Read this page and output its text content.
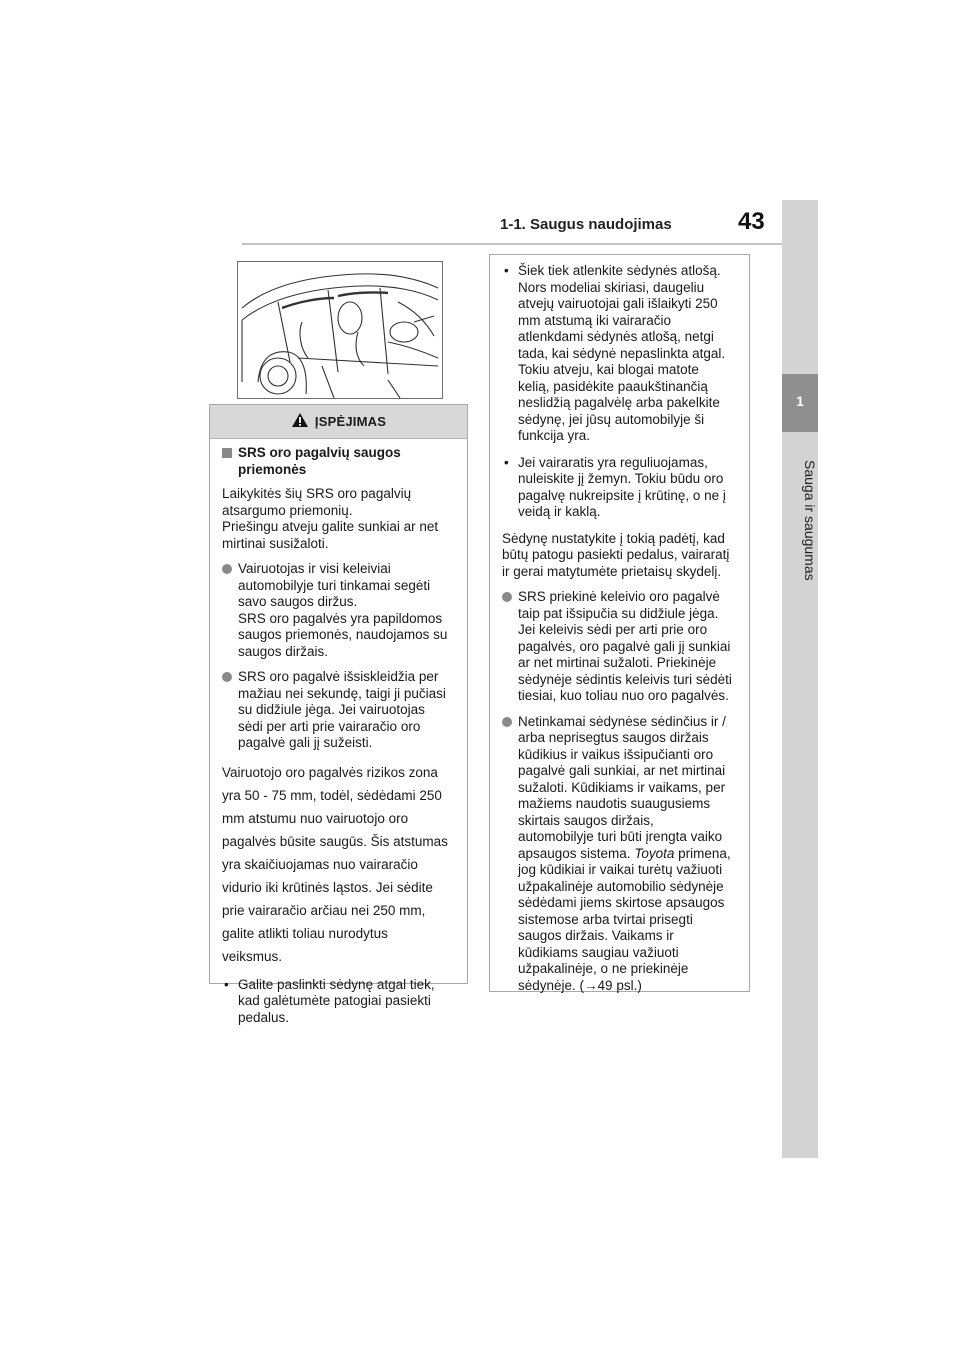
1-1. Saugus naudojimas	43
1
Sauga ir saugumas
ĮSPĖJIMAS
SRS oro pagalvių saugos priemonės
Laikykitės šių SRS oro pagalvių
atsargumo priemonių.
Priešingu atveju galite sunkiai ar net
mirtinai susižaloti.
Vairuotojas ir visi keleiviai
automobilyje turi tinkamai segėti
savo saugos diržus.
SRS oro pagalvės yra papildomos
saugos priemonės, naudojamos su
saugos diržais.
SRS oro pagalvė išsiskleidžia per
mažiau nei sekundę, taigi ji pučiasi
su didžiule jėga. Jei vairuotojas
sėdi per arti prie vairaračio oro
pagalvė gali jį sužeisti.
Vairuotojo oro pagalvės rizikos zona
yra 50 - 75 mm, todėl, sėdėdami 250
mm atstumu nuo vairuotojo oro
pagalvės būsite saugūs. Šis atstumas
yra skaičiuojamas nuo vairaračio
vidurio iki krūtinės ląstos. Jei sėdite
prie vairaračio arčiau nei 250 mm,
galite atlikti toliau nurodytus
veiksmus.
• Galite paslinkti sėdynę atgal tiek,
kad galėtumėte patogiai pasiekti
pedalus.
• Šiek tiek atlenkite sėdynės atlošą.
Nors modeliai skiriasi, daugeliu
atvejų vairuotojai gali išlaikyti 250
mm atstumą iki vairaračio
atlenkdami sėdynės atlošą, netgi
tada, kai sėdynė nepaslinkta atgal.
Tokiu atveju, kai blogai matote
kelią, pasidėkite paaukštinančią
neslidžią pagalvėlę arba pakelkite
sėdynę, jei jūsų automobilyje ši
funkcija yra.
• Jei vairaratis yra reguliuojamas,
nuleiskite jį žemyn. Tokiu būdu oro
pagalvę nukreipsite į krūtinę, o ne į
veidą ir kaklą.
Sėdynę nustatykite į tokią padėtį, kad
būtų patogu pasiekti pedalus, vairaratį
ir gerai matytumėte prietaisų skydelį.
SRS priekinė keleivio oro pagalvė
taip pat išsipučia su didžiule jėga.
Jei keleivis sėdi per arti prie oro
pagalvės, oro pagalvė gali jį sunkiai
ar net mirtinai sužaloti. Priekinėje
sėdynėje sėdintis keleivis turi sėdėti
tiesiai, kuo toliau nuo oro pagalvės.
Netinkamai sėdynėse sėdinčius ir /
arba neprisegtus saugos diržais
kūdikius ir vaikus išsipučianti oro
pagalvė gali sunkiai, ar net mirtinai
sužaloti. Kūdikiams ir vaikams, per
mažiems naudotis suaugusiems
skirtais saugos diržais,
automobilyje turi būti įrengta vaiko
apsaugos sistema. Toyota primena,
jog kūdikiai ir vaikai turėtų važiuoti
užpakalinėje automobilio sėdynėje
sėdėdami jiems skirtose apsaugos
sistemose arba tvirtai prisegti
saugos diržais. Vaikams ir
kūdikiams saugiau važiuoti
užpakalinėje, o ne priekinėje
sėdynėje. (→49 psl.)
